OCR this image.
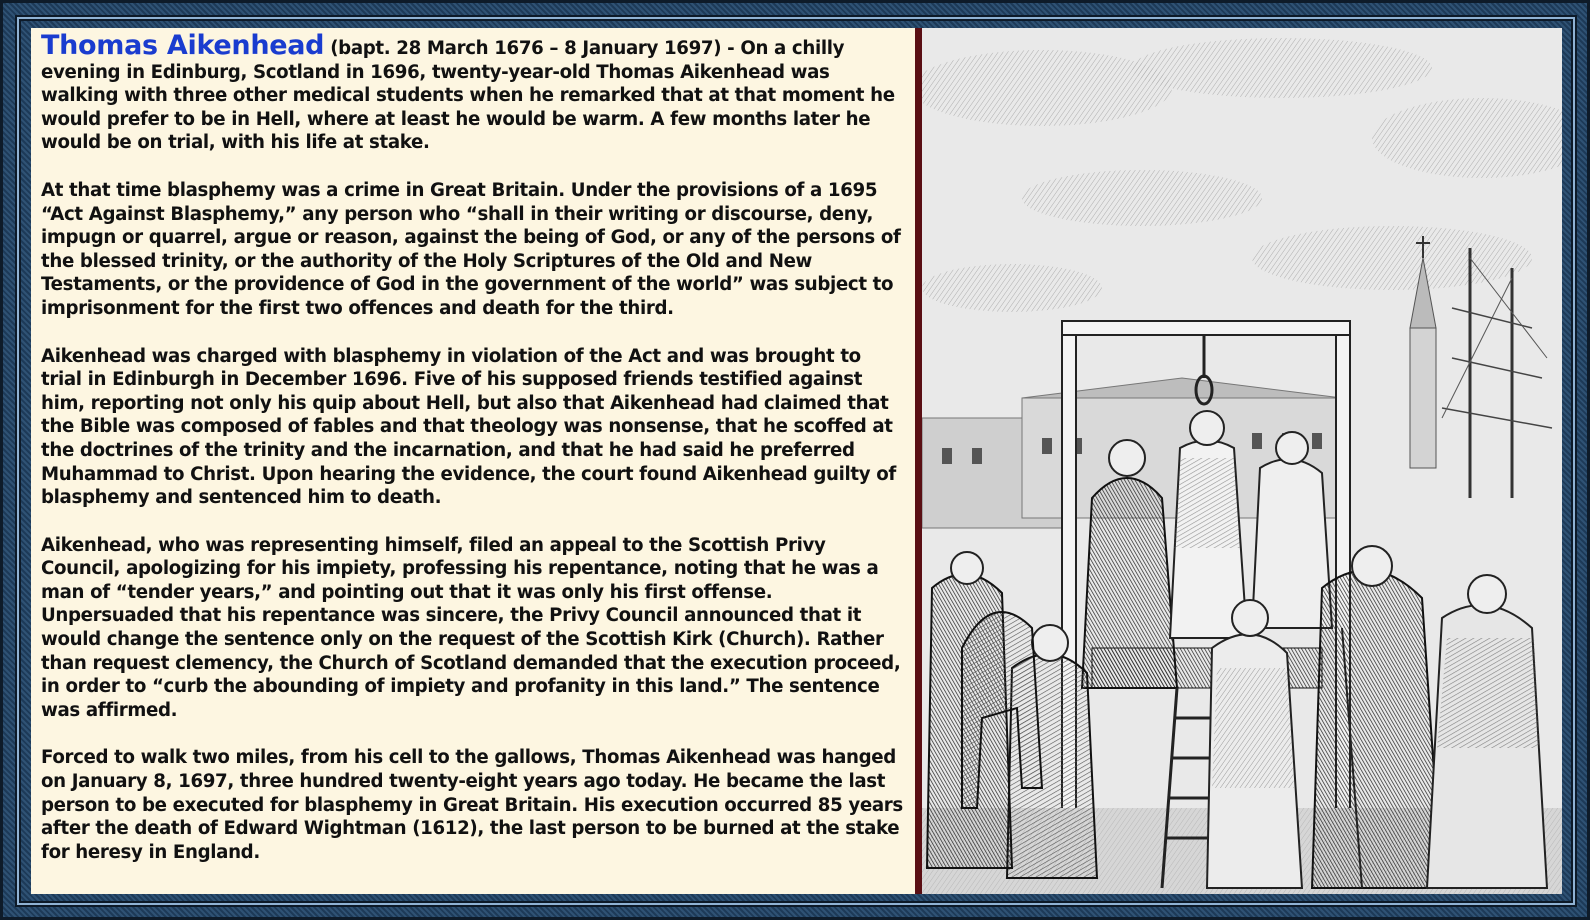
Thomas Aikenhead (bapt. 28 March 1676 – 8 January 1697) - On a chilly evening in Edinburg, Scotland in 1696, twenty-year-old Thomas Aikenhead was walking with three other medical students when he remarked that at that moment he would prefer to be in Hell, where at least he would be warm. A few months later he would be on trial, with his life at stake.

At that time blasphemy was a crime in Great Britain. Under the provisions of a 1695 “Act Against Blasphemy,” any person who “shall in their writing or discourse, deny, impugn or quarrel, argue or reason, against the being of God, or any of the persons of the blessed trinity, or the authority of the Holy Scriptures of the Old and New Testaments, or the providence of God in the government of the world” was subject to imprisonment for the first two offences and death for the third.

Aikenhead was charged with blasphemy in violation of the Act and was brought to trial in Edinburgh in December 1696. Five of his supposed friends testified against him, reporting not only his quip about Hell, but also that Aikenhead had claimed that the Bible was composed of fables and that theology was nonsense, that he scoffed at the doctrines of the trinity and the incarnation, and that he had said he preferred Muhammad to Christ. Upon hearing the evidence, the court found Aikenhead guilty of blasphemy and sentenced him to death.

Aikenhead, who was representing himself, filed an appeal to the Scottish Privy Council, apologizing for his impiety, professing his repentance, noting that he was a man of “tender years,” and pointing out that it was only his first offense. Unpersuaded that his repentance was sincere, the Privy Council announced that it would change the sentence only on the request of the Scottish Kirk (Church). Rather than request clemency, the Church of Scotland demanded that the execution proceed, in order to “curb the abounding of impiety and profanity in this land.” The sentence was affirmed.

Forced to walk two miles, from his cell to the gallows, Thomas Aikenhead was hanged on January 8, 1697, three hundred twenty-eight years ago today. He became the last person to be executed for blasphemy in Great Britain. His execution occurred 85 years after the death of Edward Wightman (1612), the last person to be burned at the stake for heresy in England.
